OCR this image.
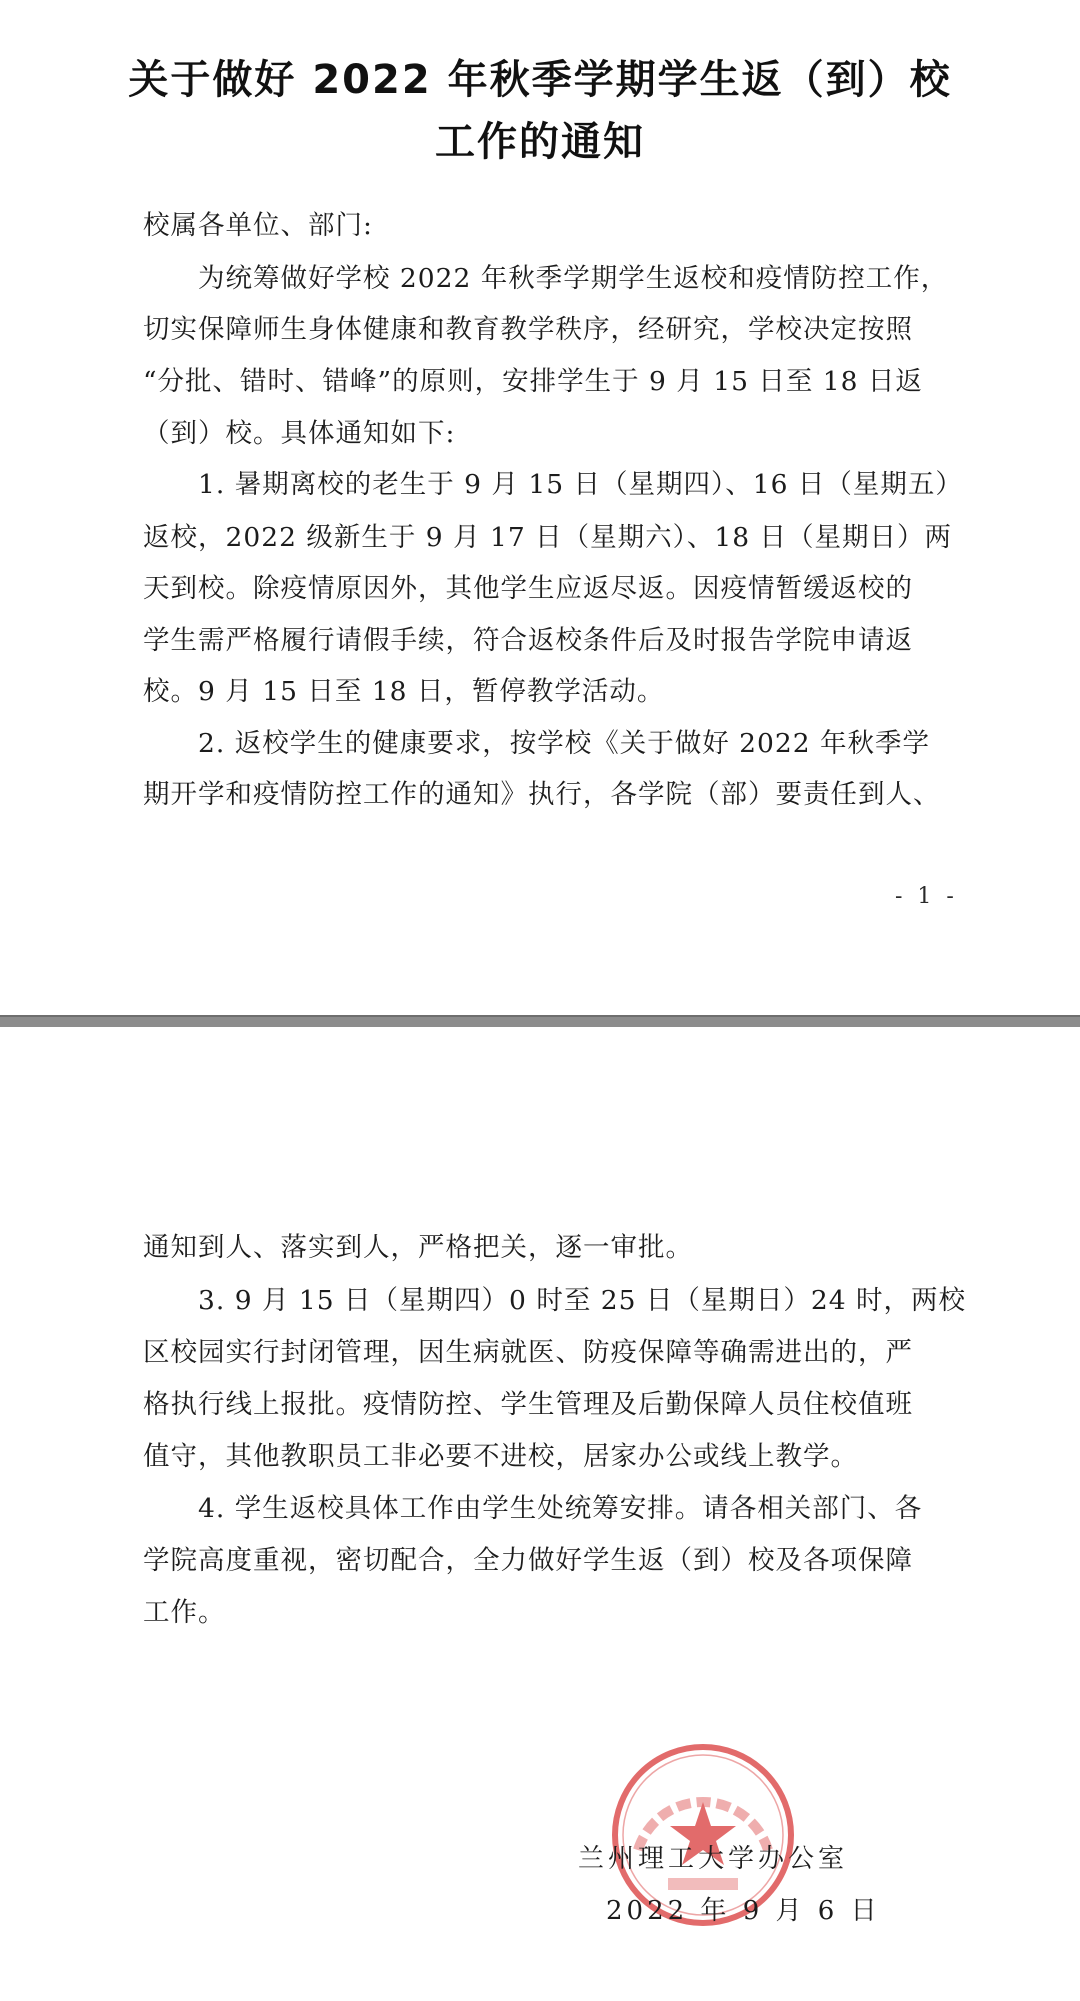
关于做好 2022 年秋季学期学生返（到）校
工作的通知

校属各单位、部门:

为统筹做好学校 2022 年秋季学期学生返校和疫情防控工作，

切实保障师生身体健康和教育教学秩序，经研究，学校决定按照

“分批、错时、错峰”的原则，安排学生于 9 月 15 日至 18 日返

（到）校。具体通知如下:

1. 暑期离校的老生于 9 月 15 日（星期四）、16 日（星期五）

返校，2022 级新生于 9 月 17 日（星期六）、18 日（星期日）两

天到校。除疫情原因外，其他学生应返尽返。因疫情暂缓返校的

学生需严格履行请假手续，符合返校条件后及时报告学院申请返

校。9 月 15 日至 18 日，暂停教学活动。

2. 返校学生的健康要求，按学校《关于做好 2022 年秋季学

期开学和疫情防控工作的通知》执行，各学院（部）要责任到人、

- 1 -

通知到人、落实到人，严格把关，逐一审批。

3. 9 月 15 日（星期四）0 时至 25 日（星期日）24 时，两校

区校园实行封闭管理，因生病就医、防疫保障等确需进出的，严

格执行线上报批。疫情防控、学生管理及后勤保障人员住校值班

值守，其他教职员工非必要不进校，居家办公或线上教学。

4. 学生返校具体工作由学生处统筹安排。请各相关部门、各

学院高度重视，密切配合，全力做好学生返（到）校及各项保障

工作。

兰州理工大学办公室
2022 年 9 月 6 日
